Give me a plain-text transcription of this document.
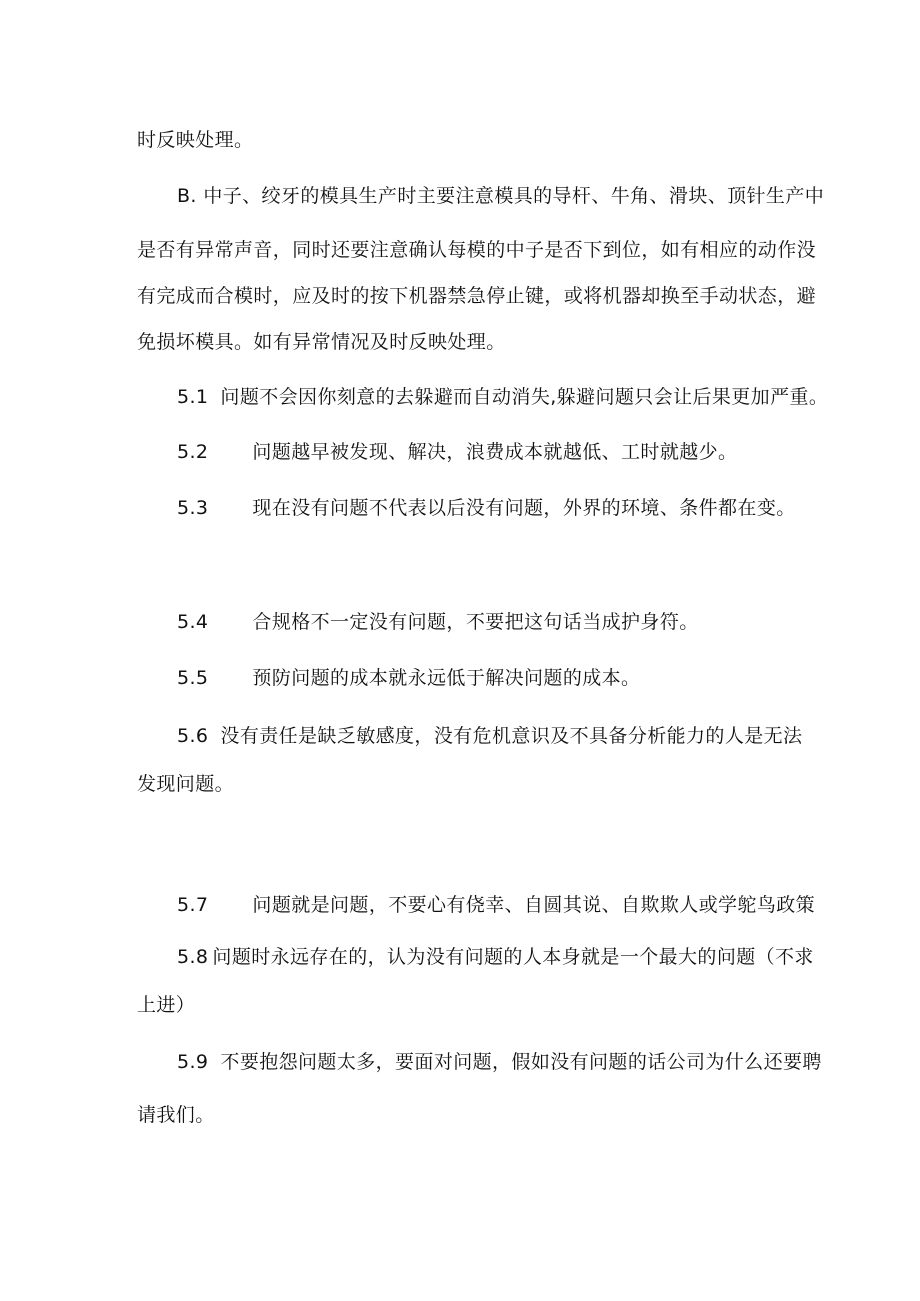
时反映处理。
B. 中子、绞牙的模具生产时主要注意模具的导杆、牛角、滑块、顶针生产中
是否有异常声音，同时还要注意确认每模的中子是否下到位，如有相应的动作没
有完成而合模时，应及时的按下机器禁急停止键，或将机器却换至手动状态，避
免损坏模具。如有异常情况及时反映处理。
5.1 问题不会因你刻意的去躲避而自动消失,躲避问题只会让后果更加严重。
5.2 问题越早被发现、解决，浪费成本就越低、工时就越少。
5.3 现在没有问题不代表以后没有问题，外界的环境、条件都在变。
5.4 合规格不一定没有问题，不要把这句话当成护身符。
5.5 预防问题的成本就永远低于解决问题的成本。
5.6 没有责任是缺乏敏感度，没有危机意识及不具备分析能力的人是无法
发现问题。
5.7 问题就是问题，不要心有侥幸、自圆其说、自欺欺人或学鸵鸟政策
5.8 问题时永远存在的，认为没有问题的人本身就是一个最大的问题（不求
上进）
5.9 不要抱怨问题太多，要面对问题，假如没有问题的话公司为什么还要聘
请我们。
